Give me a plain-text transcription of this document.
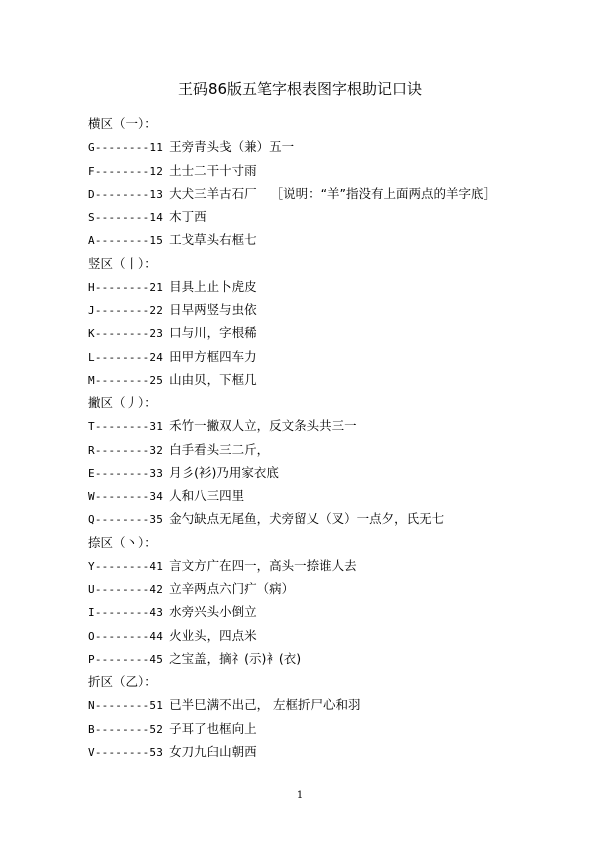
王码86版五笔字根表图字根助记口诀
横区（一）：
G--------11 王旁青头戋（兼）五一
F--------12 土士二干十寸雨
D--------13 大犬三羊古石厂 ［说明：“羊”指没有上面两点的羊字底］
S--------14 木丁西
A--------15 工戈草头右框七
竖区（丨）：
H--------21 目具上止卜虎皮
J--------22 日早两竖与虫依
K--------23 口与川，字根稀
L--------24 田甲方框四车力
M--------25 山由贝，下框几
撇区（丿）：
T--------31 禾竹一撇双人立，反文条头共三一
R--------32 白手看头三二斤，
E--------33 月彡(衫)乃用家衣底
W--------34 人和八三四里
Q--------35 金勺缺点无尾鱼，犬旁留乂（叉）一点夕，氏无七
捺区（丶）：
Y--------41 言文方广在四一，高头一捺谁人去
U--------42 立辛两点六门疒（病）
I--------43 水旁兴头小倒立
O--------44 火业头，四点米
P--------45 之宝盖，摘礻(示)衤(衣)
折区（乙）：
N--------51 已半巳满不出己， 左框折尸心和羽
B--------52 子耳了也框向上
V--------53 女刀九臼山朝西
1
